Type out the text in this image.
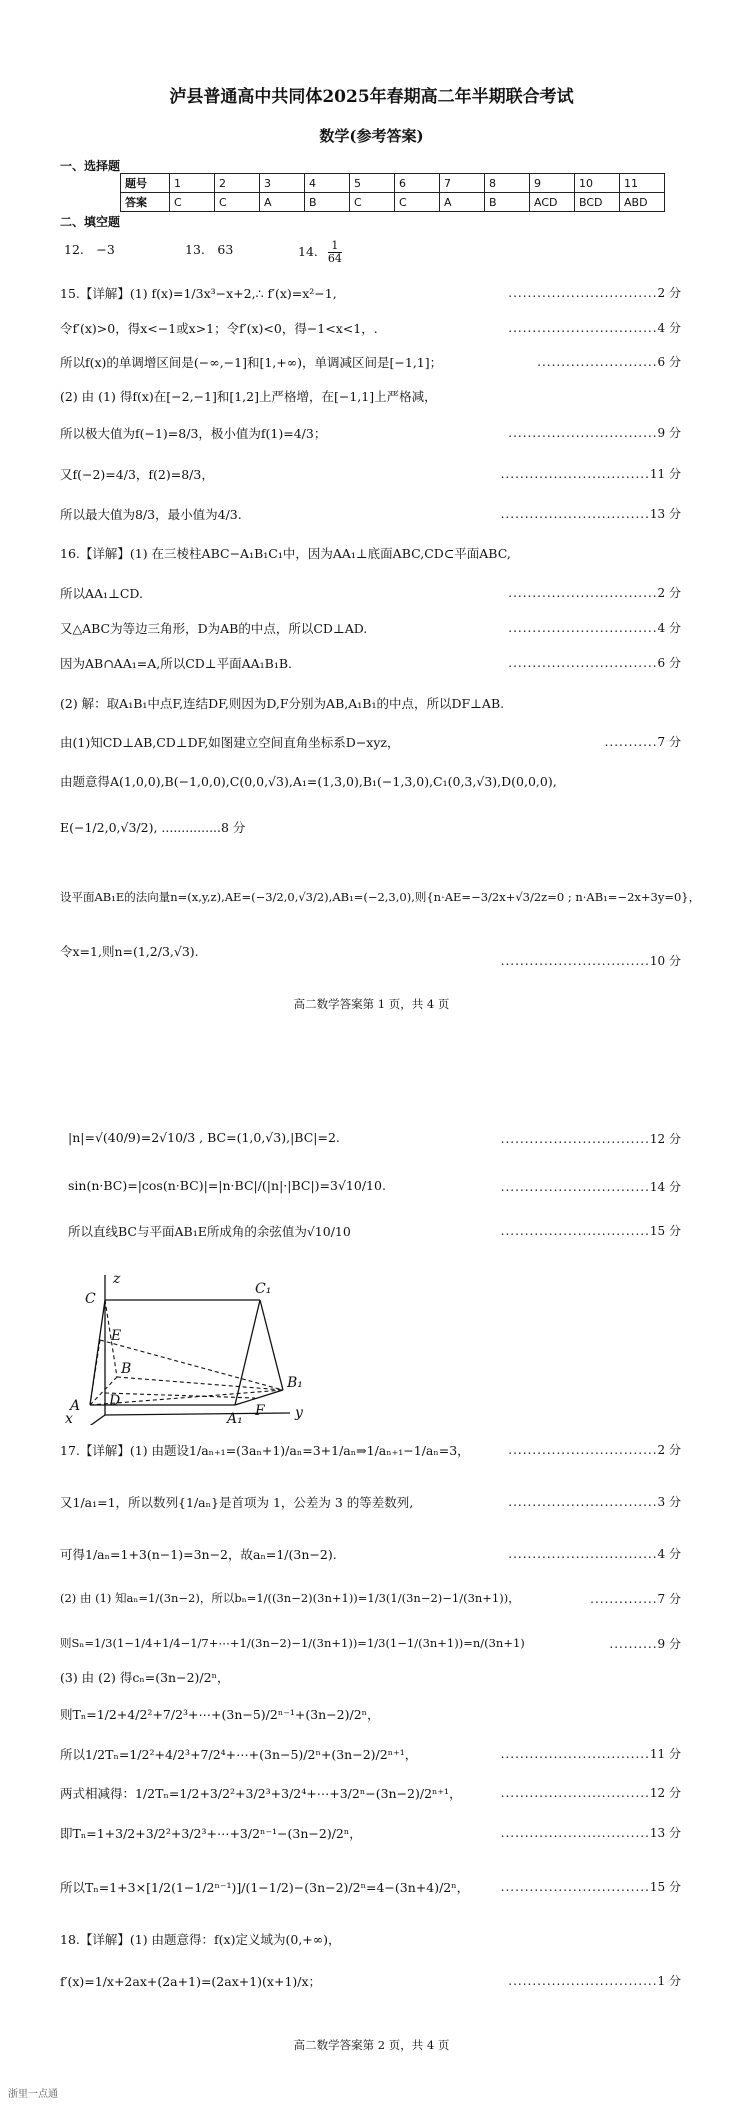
泸县普通高中共同体2025年春期高二年半期联合考试
数学(参考答案)
一、选择题
题号	1	2	3	4	5	6	7	8	9	10	11
答案	C	C	A	B	C	C	A	B	ACD	BCD	ABD
二、填空题
12.　−3	13.　63	14. $\frac{1}{64}$
15.【详解】(1) f(x)=1/3x³−x+2,∴ f′(x)=x²−1,	...............................2 分
令f′(x)>0，得x<−1或x>1；令f′(x)<0，得−1<x<1，.	...............................4 分
所以f(x)的单调增区间是(−∞,−1]和[1,+∞)，单调减区间是[−1,1]；	.........................6 分
(2) 由 (1) 得f(x)在[−2,−1]和[1,2]上严格增，在[−1,1]上严格减，
所以极大值为f(−1)=8/3，极小值为f(1)=4/3；	...............................9 分
又f(−2)=4/3，f(2)=8/3，	...............................11 分
所以最大值为8/3，最小值为4/3.	...............................13 分
16.【详解】(1) 在三棱柱ABC−A₁B₁C₁中，因为AA₁⊥底面ABC,CD⊂平面ABC,
所以AA₁⊥CD.	...............................2 分
又△ABC为等边三角形，D为AB的中点，所以CD⊥AD.	...............................4 分
因为AB∩AA₁=A,所以CD⊥平面AA₁B₁B.	...............................6 分
(2) 解：取A₁B₁中点F,连结DF,则因为D,F分别为AB,A₁B₁的中点，所以DF⊥AB.
由(1)知CD⊥AB,CD⊥DF,如图建立空间直角坐标系D−xyz，	...........7 分
由题意得A(1,0,0),B(−1,0,0),C(0,0,√3),A₁=(1,3,0),B₁(−1,3,0),C₁(0,3,√3),D(0,0,0),
E(−1/2,0,√3/2), ...............8 分
设平面AB₁E的法向量n=(x,y,z),AE=(−3/2,0,√3/2),AB₁=(−2,3,0),则{n·AE=−3/2x+√3/2z=0 ; n·AB₁=−2x+3y=0}，
令x=1,则n=(1,2/3,√3).
...............................10 分
高二数学答案第 1 页，共 4 页
|n|=√(40/9)=2√10/3 , BC=(1,0,√3),|BC|=2.	...............................12 分
sin(n·BC)=|cos(n·BC)|=|n·BC|/(|n|·|BC|)=3√10/10.	...............................14 分
所以直线BC与平面AB₁E所成角的余弦值为√10/10	...............................15 分
z
C
C₁
E
B
B₁
A D
A₁ F y
x
17.【详解】(1) 由题设1/aₙ₊₁=(3aₙ+1)/aₙ=3+1/aₙ⇒1/aₙ₊₁−1/aₙ=3，	...............................2 分
又1/a₁=1，所以数列{1/aₙ}是首项为 1，公差为 3 的等差数列,	...............................3 分
可得1/aₙ=1+3(n−1)=3n−2，故aₙ=1/(3n−2).	...............................4 分
(2) 由 (1) 知aₙ=1/(3n−2)，所以bₙ=1/((3n−2)(3n+1))=1/3(1/(3n−2)−1/(3n+1))，	..............7 分
则Sₙ=1/3(1−1/4+1/4−1/7+⋯+1/(3n−2)−1/(3n+1))=1/3(1−1/(3n+1))=n/(3n+1)	..........9 分
(3) 由 (2) 得cₙ=(3n−2)/2ⁿ，
则Tₙ=1/2+4/2²+7/2³+⋯+(3n−5)/2ⁿ⁻¹+(3n−2)/2ⁿ，
所以1/2Tₙ=1/2²+4/2³+7/2⁴+⋯+(3n−5)/2ⁿ+(3n−2)/2ⁿ⁺¹，	...............................11 分
两式相减得：1/2Tₙ=1/2+3/2²+3/2³+3/2⁴+⋯+3/2ⁿ−(3n−2)/2ⁿ⁺¹，	...............................12 分
即Tₙ=1+3/2+3/2²+3/2³+⋯+3/2ⁿ⁻¹−(3n−2)/2ⁿ，	...............................13 分
所以Tₙ=1+3×[1/2(1−1/2ⁿ⁻¹)]/(1−1/2)−(3n−2)/2ⁿ=4−(3n+4)/2ⁿ，	...............................15 分
18.【详解】(1) 由题意得：f(x)定义域为(0,+∞)，
f′(x)=1/x+2ax+(2a+1)=(2ax+1)(x+1)/x；	...............................1 分
高二数学答案第 2 页，共 4 页
浙里一点通
